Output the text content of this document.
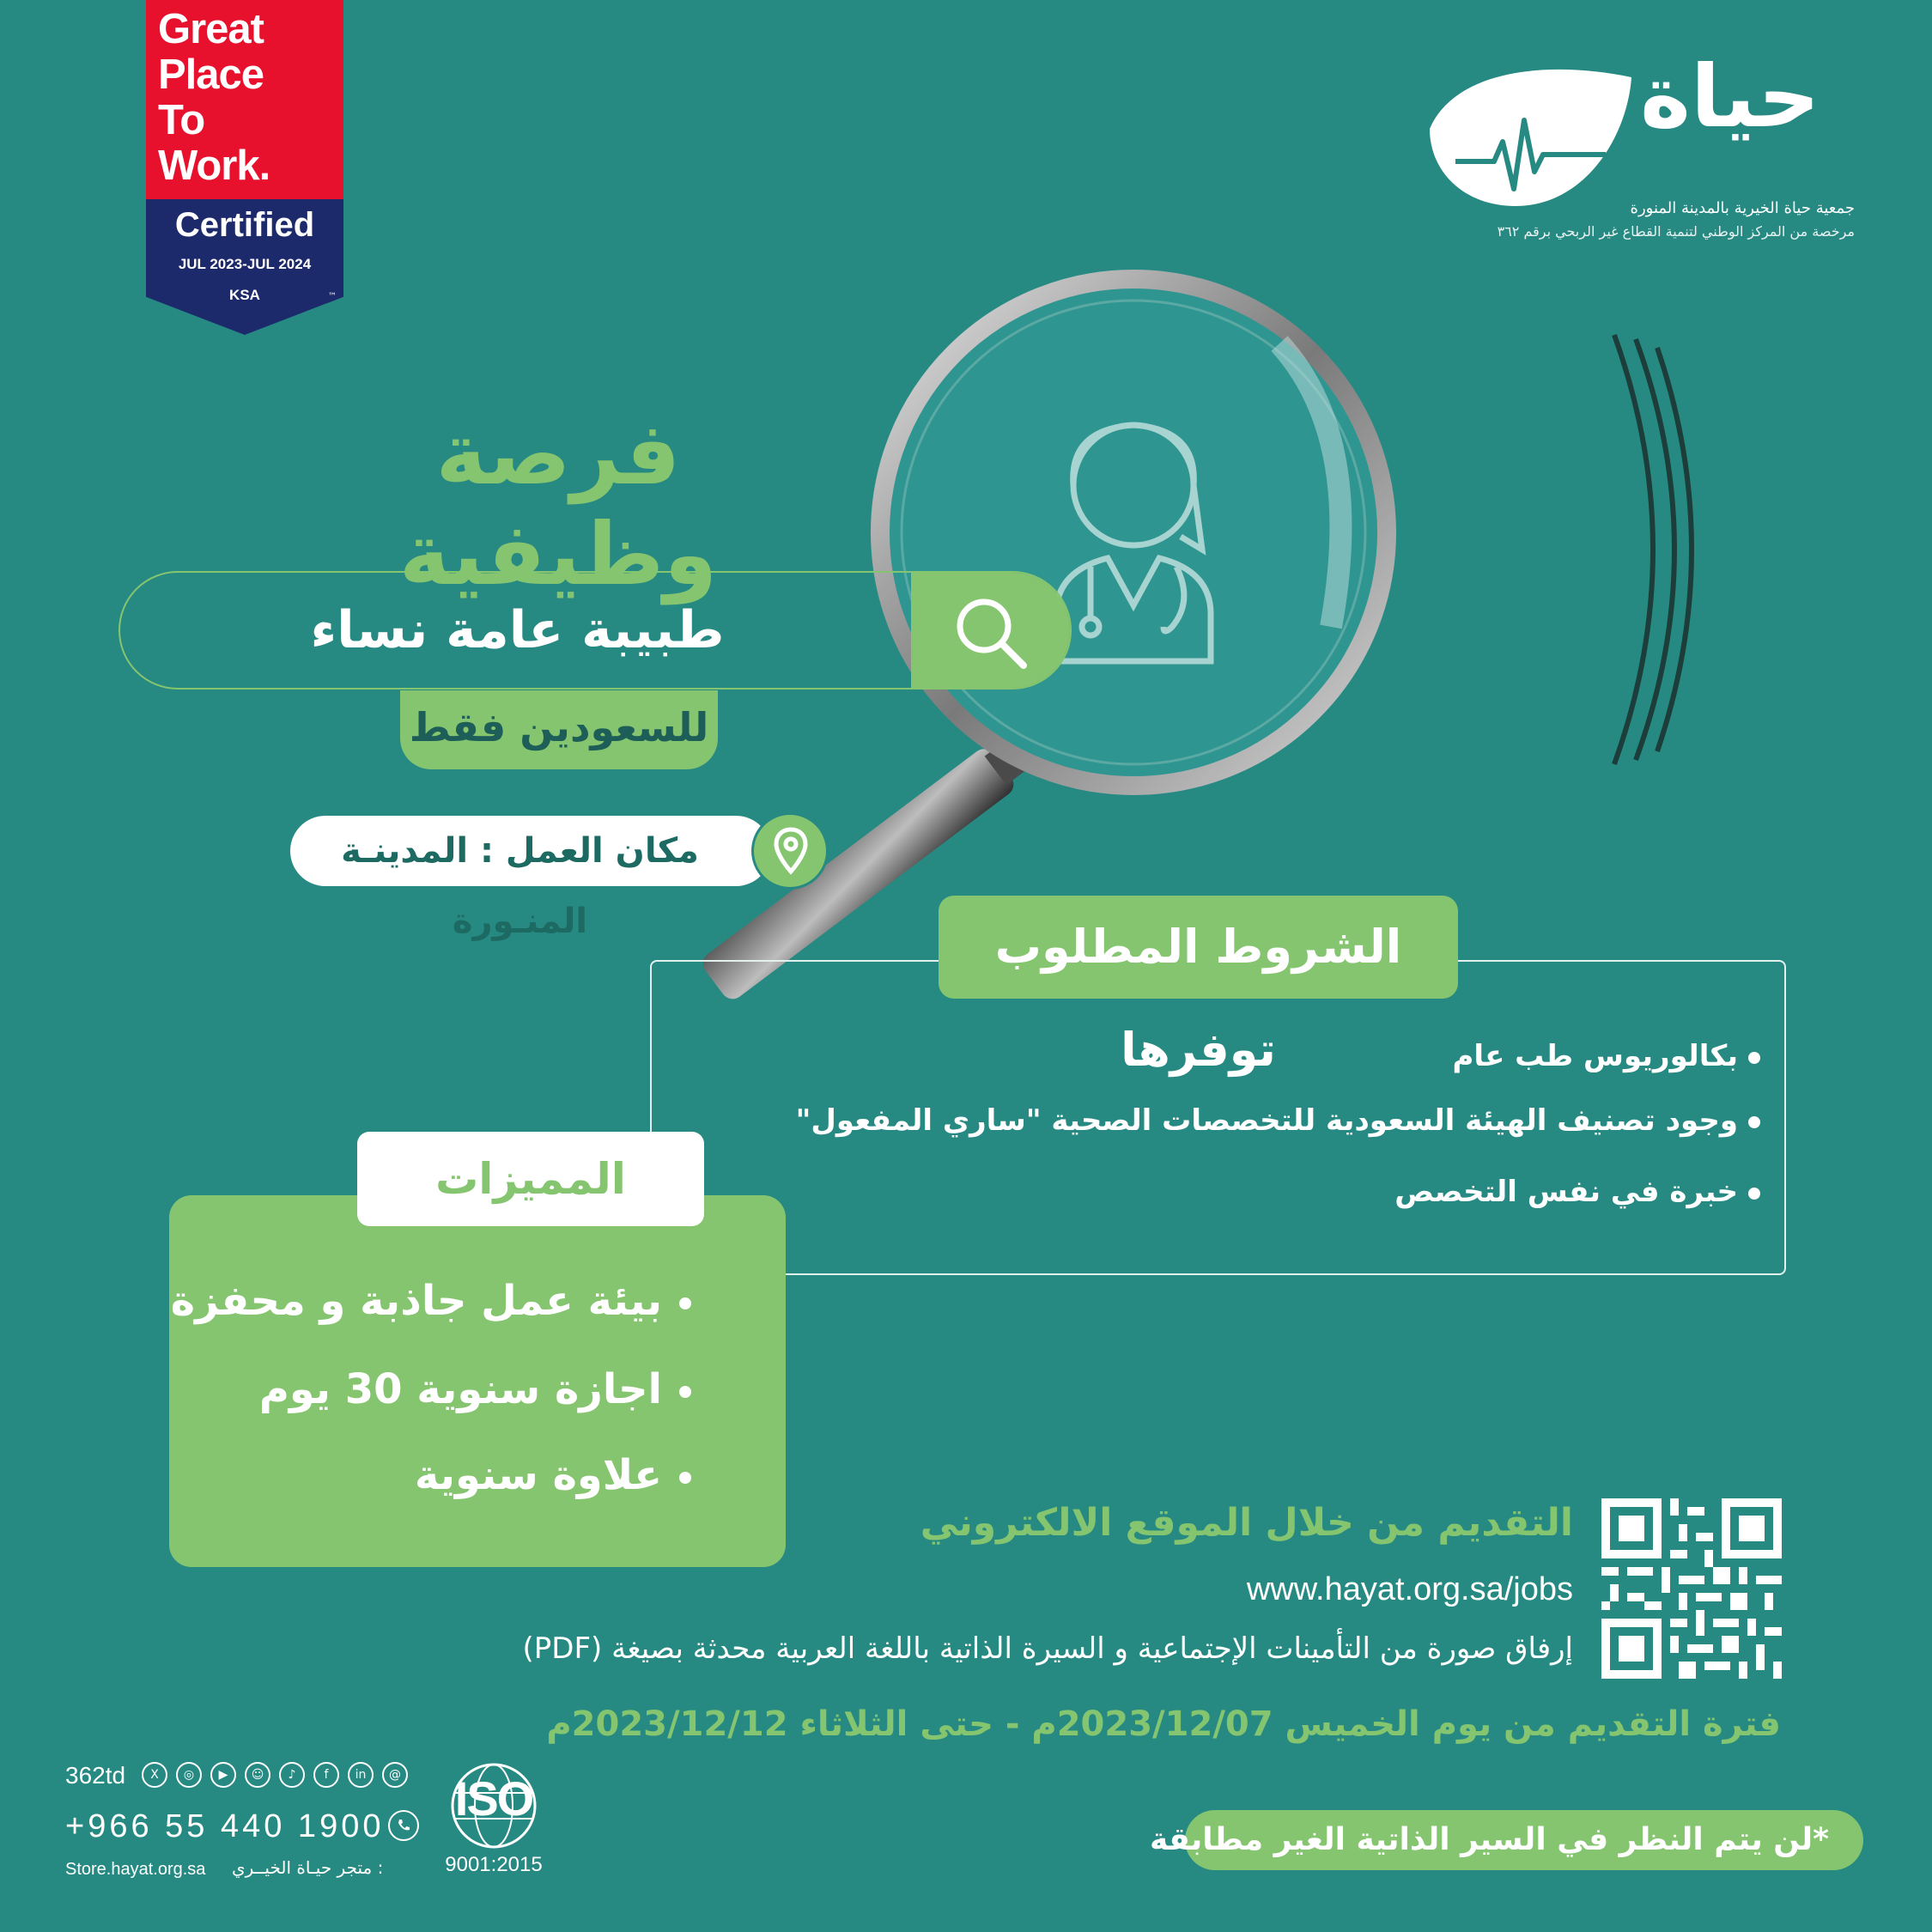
Great
Place
To
Work.
Certified
JUL 2023-JUL 2024
KSA	™
١٤٤٧هـ حياة
جمعية حياة الخيرية بالمدينة المنورة
مرخصة من المركز الوطني لتنمية القطاع غير الربحي برقم ٣٦٢
فرصة وظيفية
طبيبة عامة نساء
للسعودين فقط
مكان العمل : المدينـة المنـورة	الشروط المطلوب توفرها	بكالوريوس طب عام
وجود تصنيف الهيئة السعودية للتخصصات الصحية "ساري المفعول"
خبرة في نفس التخصص
المميزات
بيئة عمل جاذبة و محفزة
اجازة سنوية 30 يوم
علاوة سنوية
التقديم من خلال الموقع الالكتروني
www.hayat.org.sa/jobs
إرفاق صورة من التأمينات الإجتماعية و السيرة الذاتية باللغة العربية محدثة بصيغة (PDF)
فترة التقديم من يوم الخميس 2023/12/07م - حتى الثلاثاء 2023/12/12م
*لن يتم النظر في السير الذاتية الغير مطابقة
362td	X	◎	▶	☺	♪	f	in	@
+966 55 440 1900
Store.hayat.org.sa : متجر حيـاة الخيــري
ISO
9001:2015
